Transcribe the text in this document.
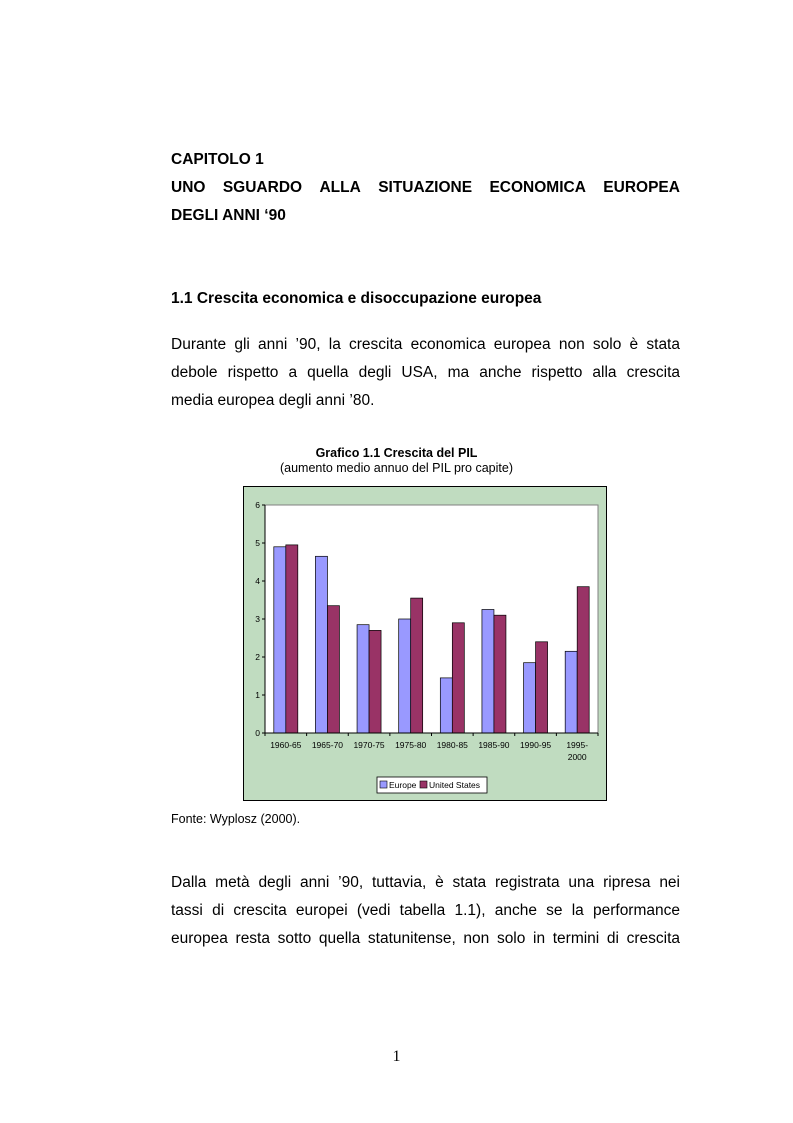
CAPITOLO 1
UNO SGUARDO ALLA SITUAZIONE ECONOMICA EUROPEA
DEGLI ANNI ‘90
1.1 Crescita economica e disoccupazione europea
Durante gli anni ’90, la crescita economica europea non solo è stata
debole rispetto a quella degli USA, ma anche rispetto alla crescita
media europea degli anni ’80.
Grafico 1.1 Crescita del PIL
(aumento medio annuo del PIL pro capite)
0
1
2
3
4
5
6
1960-65 1965-70 1970-75 1975-80 1980-85 1985-90 1990-95 1995-
2000
Europe United States
Fonte: Wyplosz (2000).
Dalla metà degli anni ’90, tuttavia, è stata registrata una ripresa nei
tassi di crescita europei (vedi tabella 1.1), anche se la performance
europea resta sotto quella statunitense, non solo in termini di crescita
1
